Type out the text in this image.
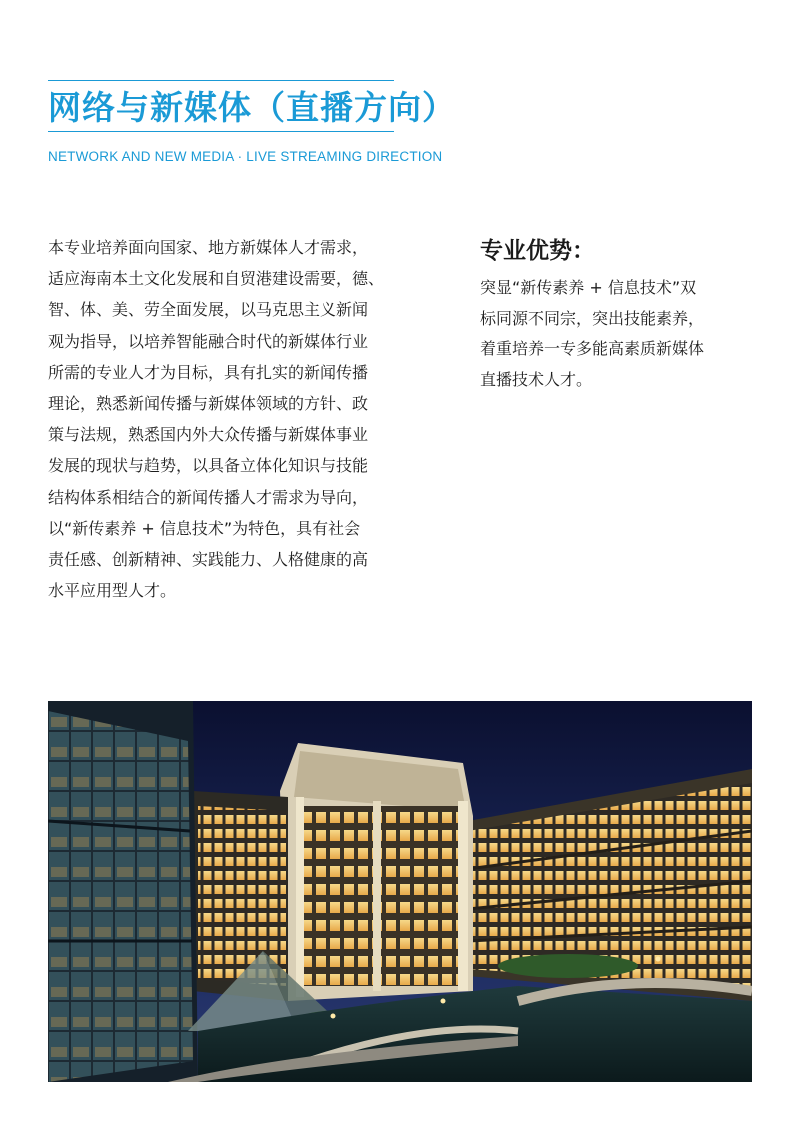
网络与新媒体（直播方向）

NETWORK AND NEW MEDIA · LIVE STREAMING DIRECTION

本专业培养面向国家、地方新媒体人才需求，
适应海南本土文化发展和自贸港建设需要，德、
智、体、美、劳全面发展，以马克思主义新闻
观为指导，以培养智能融合时代的新媒体行业
所需的专业人才为目标，具有扎实的新闻传播
理论，熟悉新闻传播与新媒体领域的方针、政
策与法规，熟悉国内外大众传播与新媒体事业
发展的现状与趋势，以具备立体化知识与技能
结构体系相结合的新闻传播人才需求为导向，
以“新传素养 + 信息技术”为特色，具有社会
责任感、创新精神、实践能力、人格健康的高
水平应用型人才。
专业优势：
突显“新传素养 + 信息技术”双
标同源不同宗，突出技能素养，
着重培养一专多能高素质新媒体
直播技术人才。
